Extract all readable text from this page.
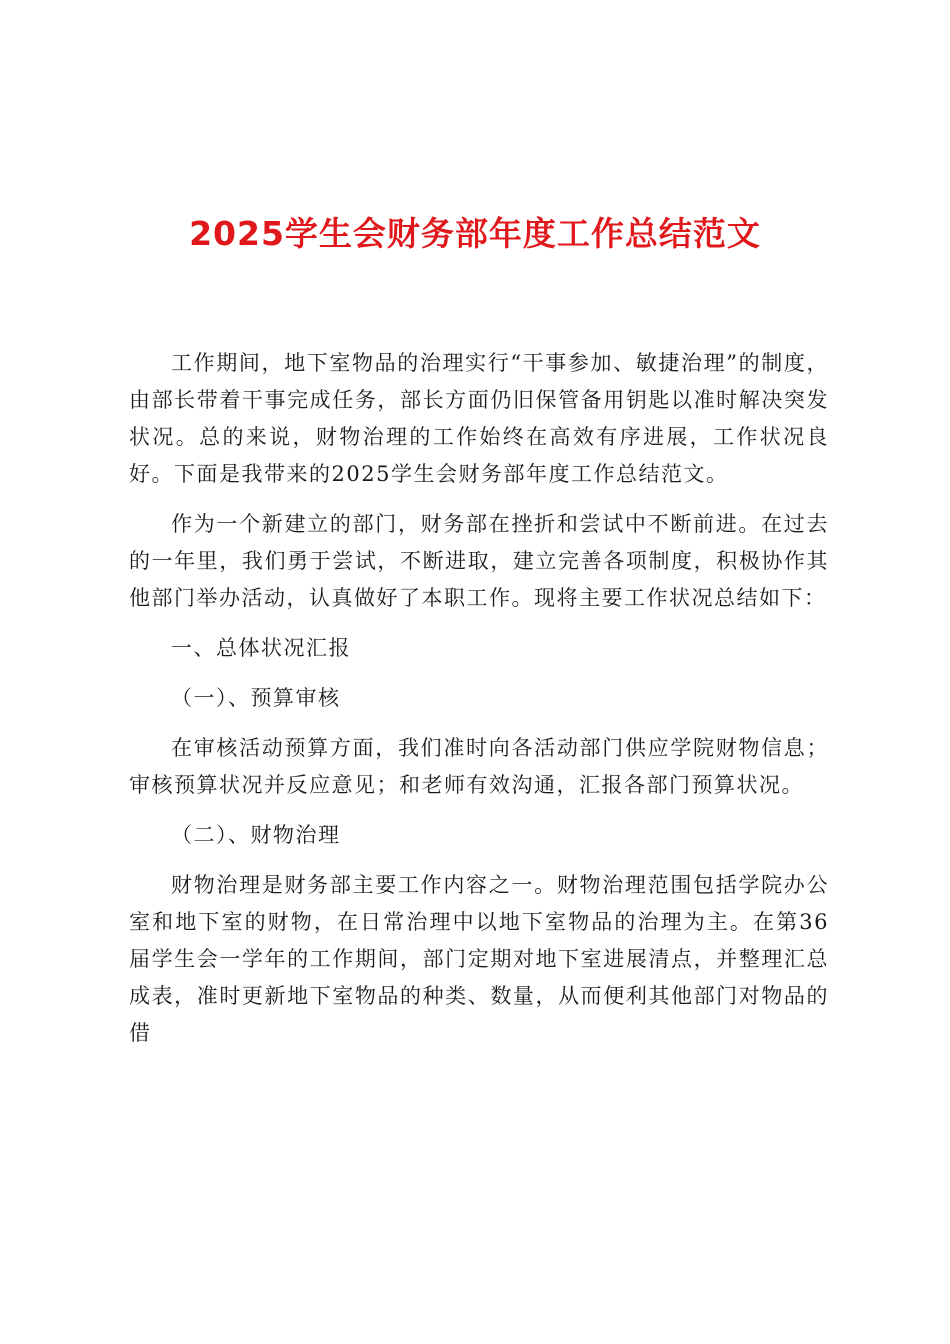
2025学生会财务部年度工作总结范文

工作期间，地下室物品的治理实行“干事参加、敏捷治理”的制度，由部长带着干事完成任务，部长方面仍旧保管备用钥匙以准时解决突发状况。总的来说，财物治理的工作始终在高效有序进展，工作状况良好。下面是我带来的2025学生会财务部年度工作总结范文。

作为一个新建立的部门，财务部在挫折和尝试中不断前进。在过去的一年里，我们勇于尝试，不断进取，建立完善各项制度，积极协作其他部门举办活动，认真做好了本职工作。现将主要工作状况总结如下：

一、总体状况汇报

（一）、预算审核

在审核活动预算方面，我们准时向各活动部门供应学院财物信息；审核预算状况并反应意见；和老师有效沟通，汇报各部门预算状况。

（二）、财物治理

财物治理是财务部主要工作内容之一。财物治理范围包括学院办公室和地下室的财物，在日常治理中以地下室物品的治理为主。在第36届学生会一学年的工作期间，部门定期对地下室进展清点，并整理汇总成表，准时更新地下室物品的种类、数量，从而便利其他部门对物品的借
